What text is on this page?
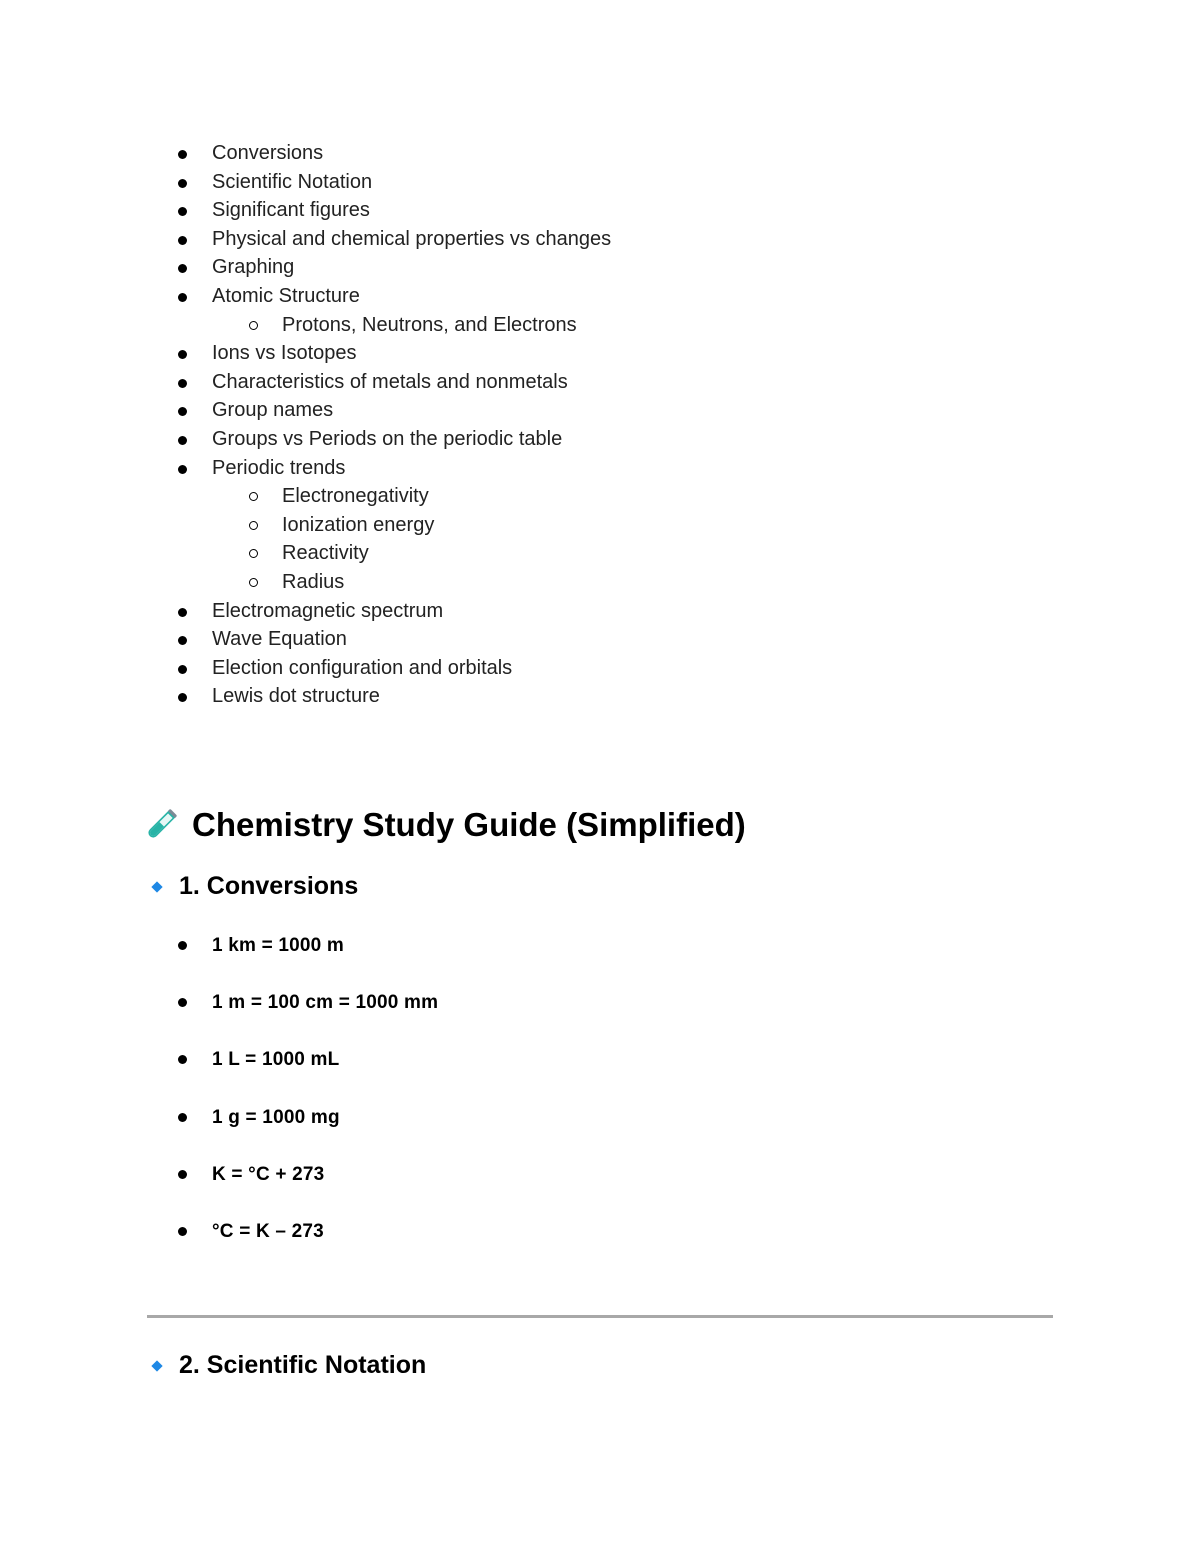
Conversions
Scientific Notation
Significant figures
Physical and chemical properties vs changes
Graphing
Atomic Structure
Protons, Neutrons, and Electrons
Ions vs Isotopes
Characteristics of metals and nonmetals
Group names
Groups vs Periods on the periodic table
Periodic trends
Electronegativity
Ionization energy
Reactivity
Radius
Electromagnetic spectrum
Wave Equation
Election configuration and orbitals
Lewis dot structure
Chemistry Study Guide (Simplified)
1. Conversions
1 km = 1000 m
1 m = 100 cm = 1000 mm
1 L = 1000 mL
1 g = 1000 mg
K = °C + 273
°C = K – 273
2. Scientific Notation
